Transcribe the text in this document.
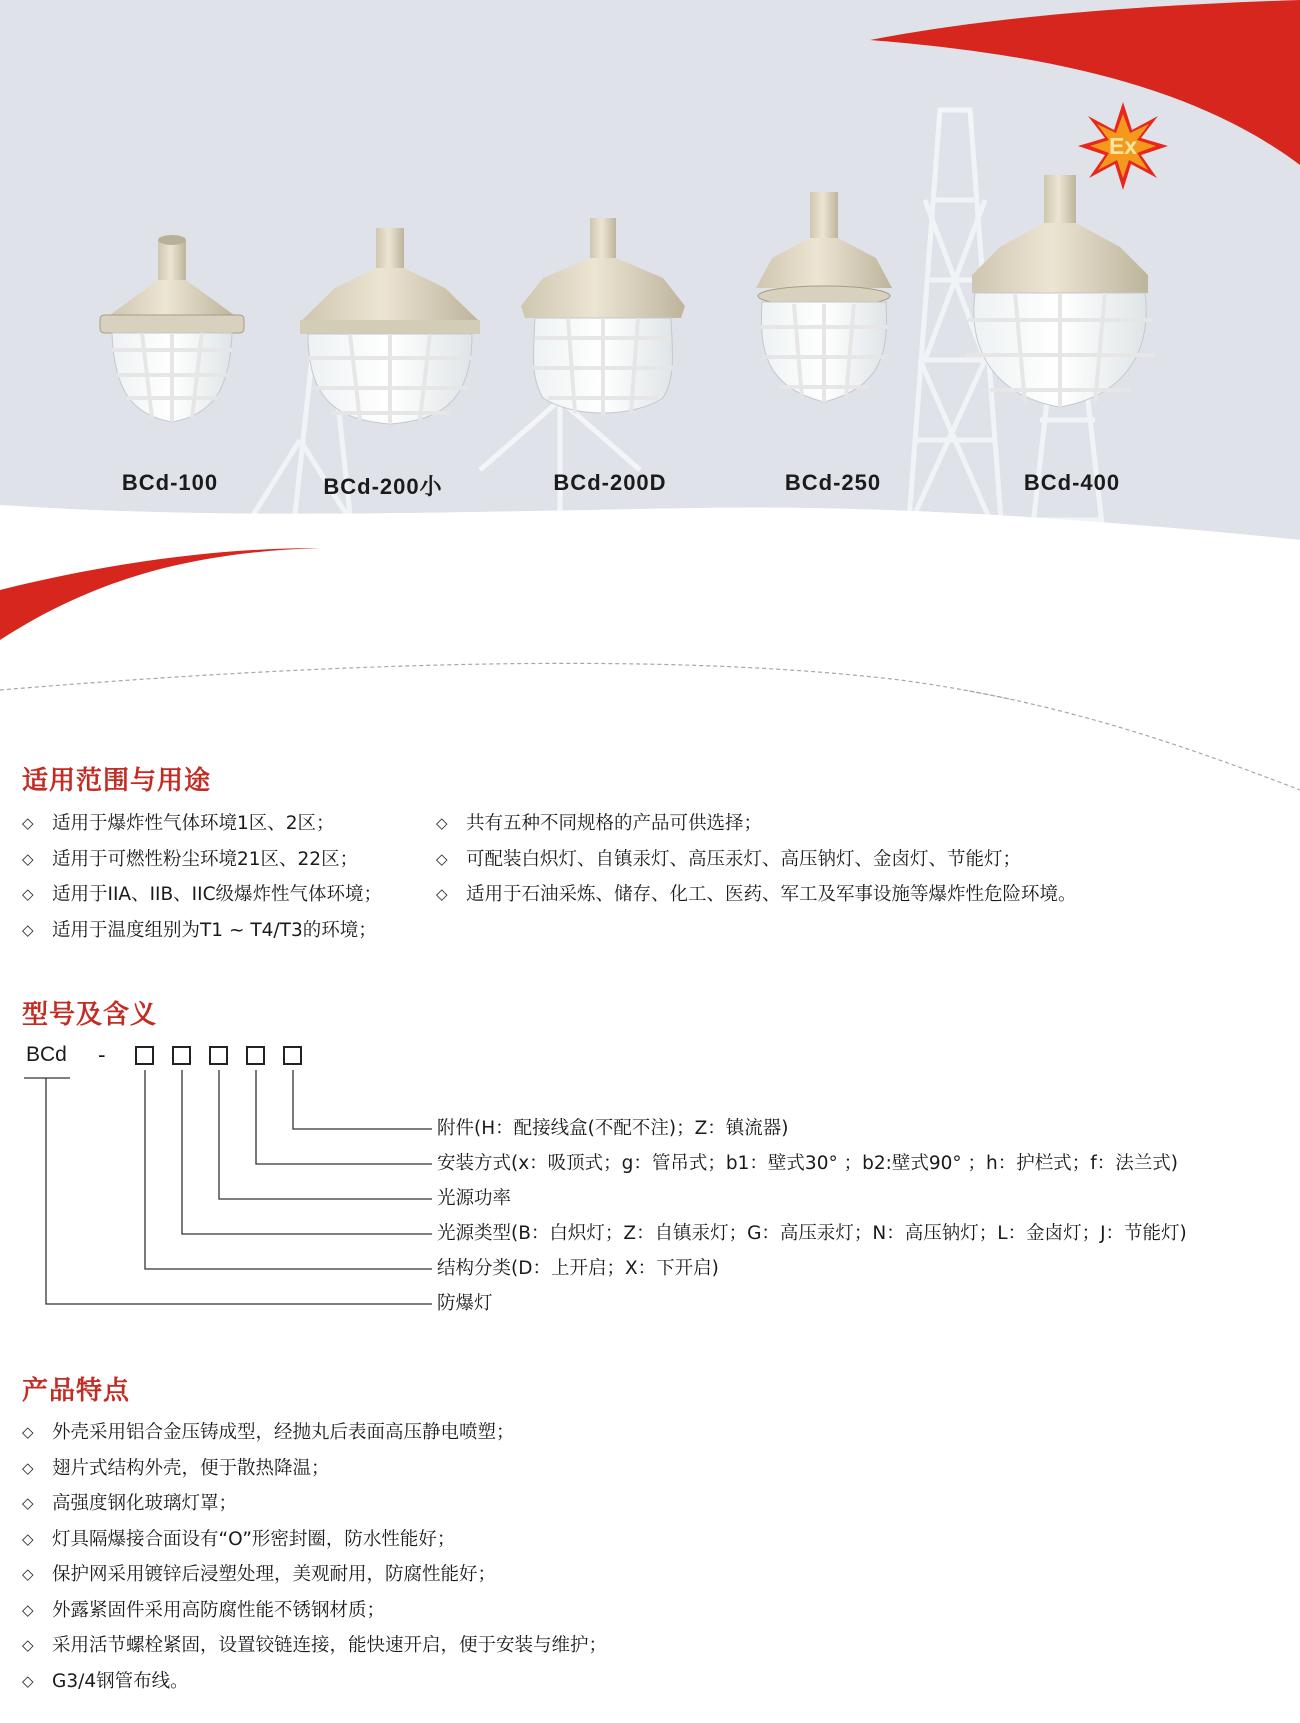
Ex
BCd-100	BCd-200小	BCd-200D	BCd-250	BCd-400
适用范围与用途
◇ 适用于爆炸性气体环境1区、2区；
◇ 适用于可燃性粉尘环境21区、22区；
◇ 适用于IIA、IIB、IIC级爆炸性气体环境；
◇ 适用于温度组别为T1 ~ T4/T3的环境；
◇ 共有五种不同规格的产品可供选择；
◇ 可配装白炽灯、自镇汞灯、高压汞灯、高压钠灯、金卤灯、节能灯；
◇ 适用于石油采炼、储存、化工、医药、军工及军事设施等爆炸性危险环境。
型号及含义
BCd -
附件(H：配接线盒(不配不注)；Z：镇流器)
安装方式(x：吸顶式；g：管吊式；b1：壁式30° ；b2:壁式90° ；h：护栏式；f：法兰式)
光源功率
光源类型(B：白炽灯；Z：自镇汞灯；G：高压汞灯；N：高压钠灯；L：金卤灯；J：节能灯)
结构分类(D：上开启；X：下开启)
防爆灯
产品特点
◇ 外壳采用铝合金压铸成型，经抛丸后表面高压静电喷塑；
◇ 翅片式结构外壳，便于散热降温；
◇ 高强度钢化玻璃灯罩；
◇ 灯具隔爆接合面设有“O”形密封圈，防水性能好；
◇ 保护网采用镀锌后浸塑处理，美观耐用，防腐性能好；
◇ 外露紧固件采用高防腐性能不锈钢材质；
◇ 采用活节螺栓紧固，设置铰链连接，能快速开启，便于安装与维护；
◇ G3/4钢管布线。
